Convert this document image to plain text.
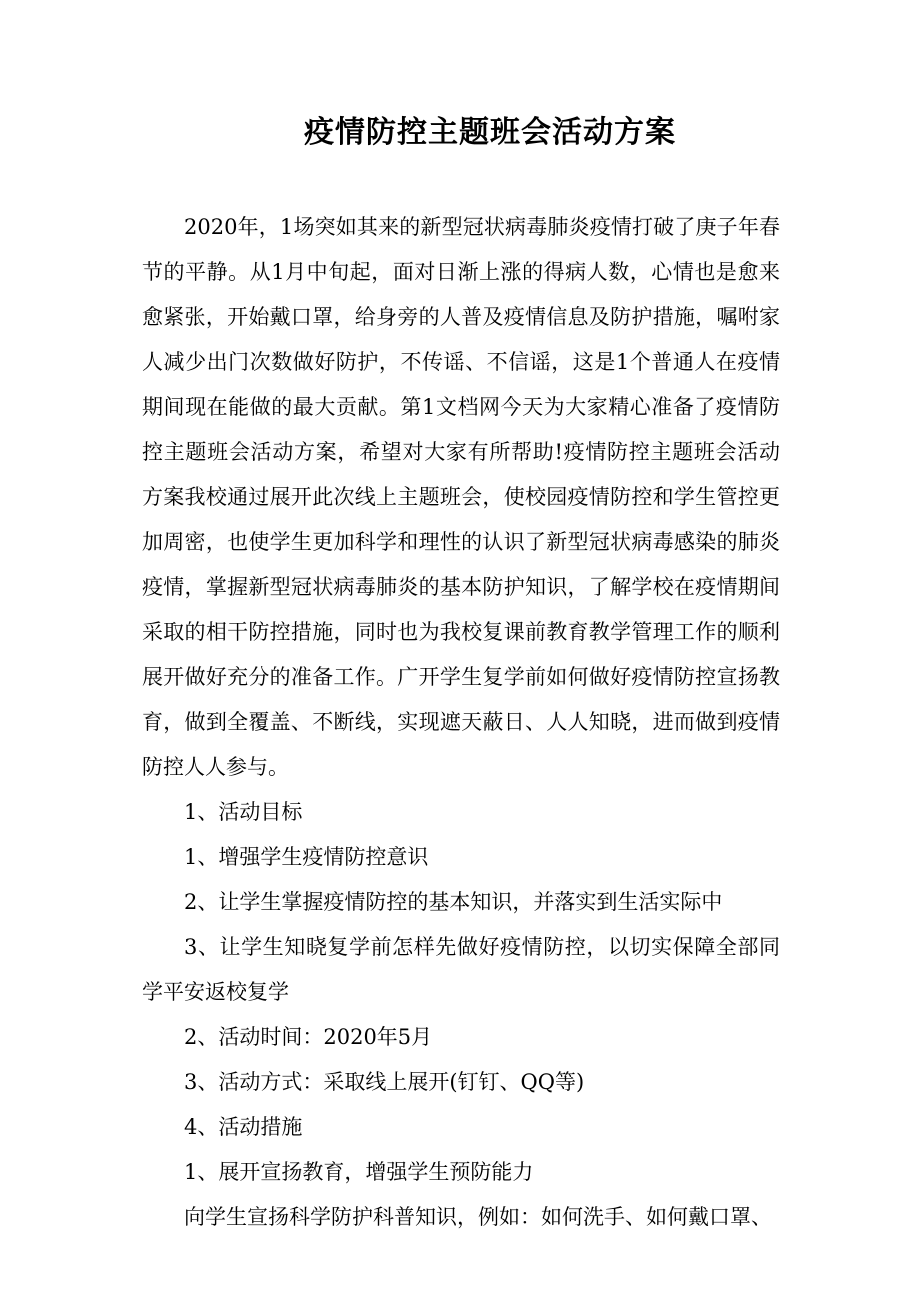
疫情防控主题班会活动方案

2020年，1场突如其来的新型冠状病毒肺炎疫情打破了庚子年春节的平静。从1月中旬起，面对日渐上涨的得病人数，心情也是愈来愈紧张，开始戴口罩，给身旁的人普及疫情信息及防护措施，嘱咐家人减少出门次数做好防护，不传谣、不信谣，这是1个普通人在疫情期间现在能做的最大贡献。第1文档网今天为大家精心准备了疫情防控主题班会活动方案，希望对大家有所帮助!疫情防控主题班会活动方案我校通过展开此次线上主题班会，使校园疫情防控和学生管控更加周密，也使学生更加科学和理性的认识了新型冠状病毒感染的肺炎疫情，掌握新型冠状病毒肺炎的基本防护知识，了解学校在疫情期间采取的相干防控措施，同时也为我校复课前教育教学管理工作的顺利展开做好充分的准备工作。广开学生复学前如何做好疫情防控宣扬教育，做到全覆盖、不断线，实现遮天蔽日、人人知晓，进而做到疫情防控人人参与。

1、活动目标

1、增强学生疫情防控意识

2、让学生掌握疫情防控的基本知识，并落实到生活实际中

3、让学生知晓复学前怎样先做好疫情防控，以切实保障全部同学平安返校复学

2、活动时间：2020年5月

3、活动方式：采取线上展开(钉钉、QQ等)

4、活动措施

1、展开宣扬教育，增强学生预防能力

向学生宣扬科学防护科普知识，例如：如何洗手、如何戴口罩、
